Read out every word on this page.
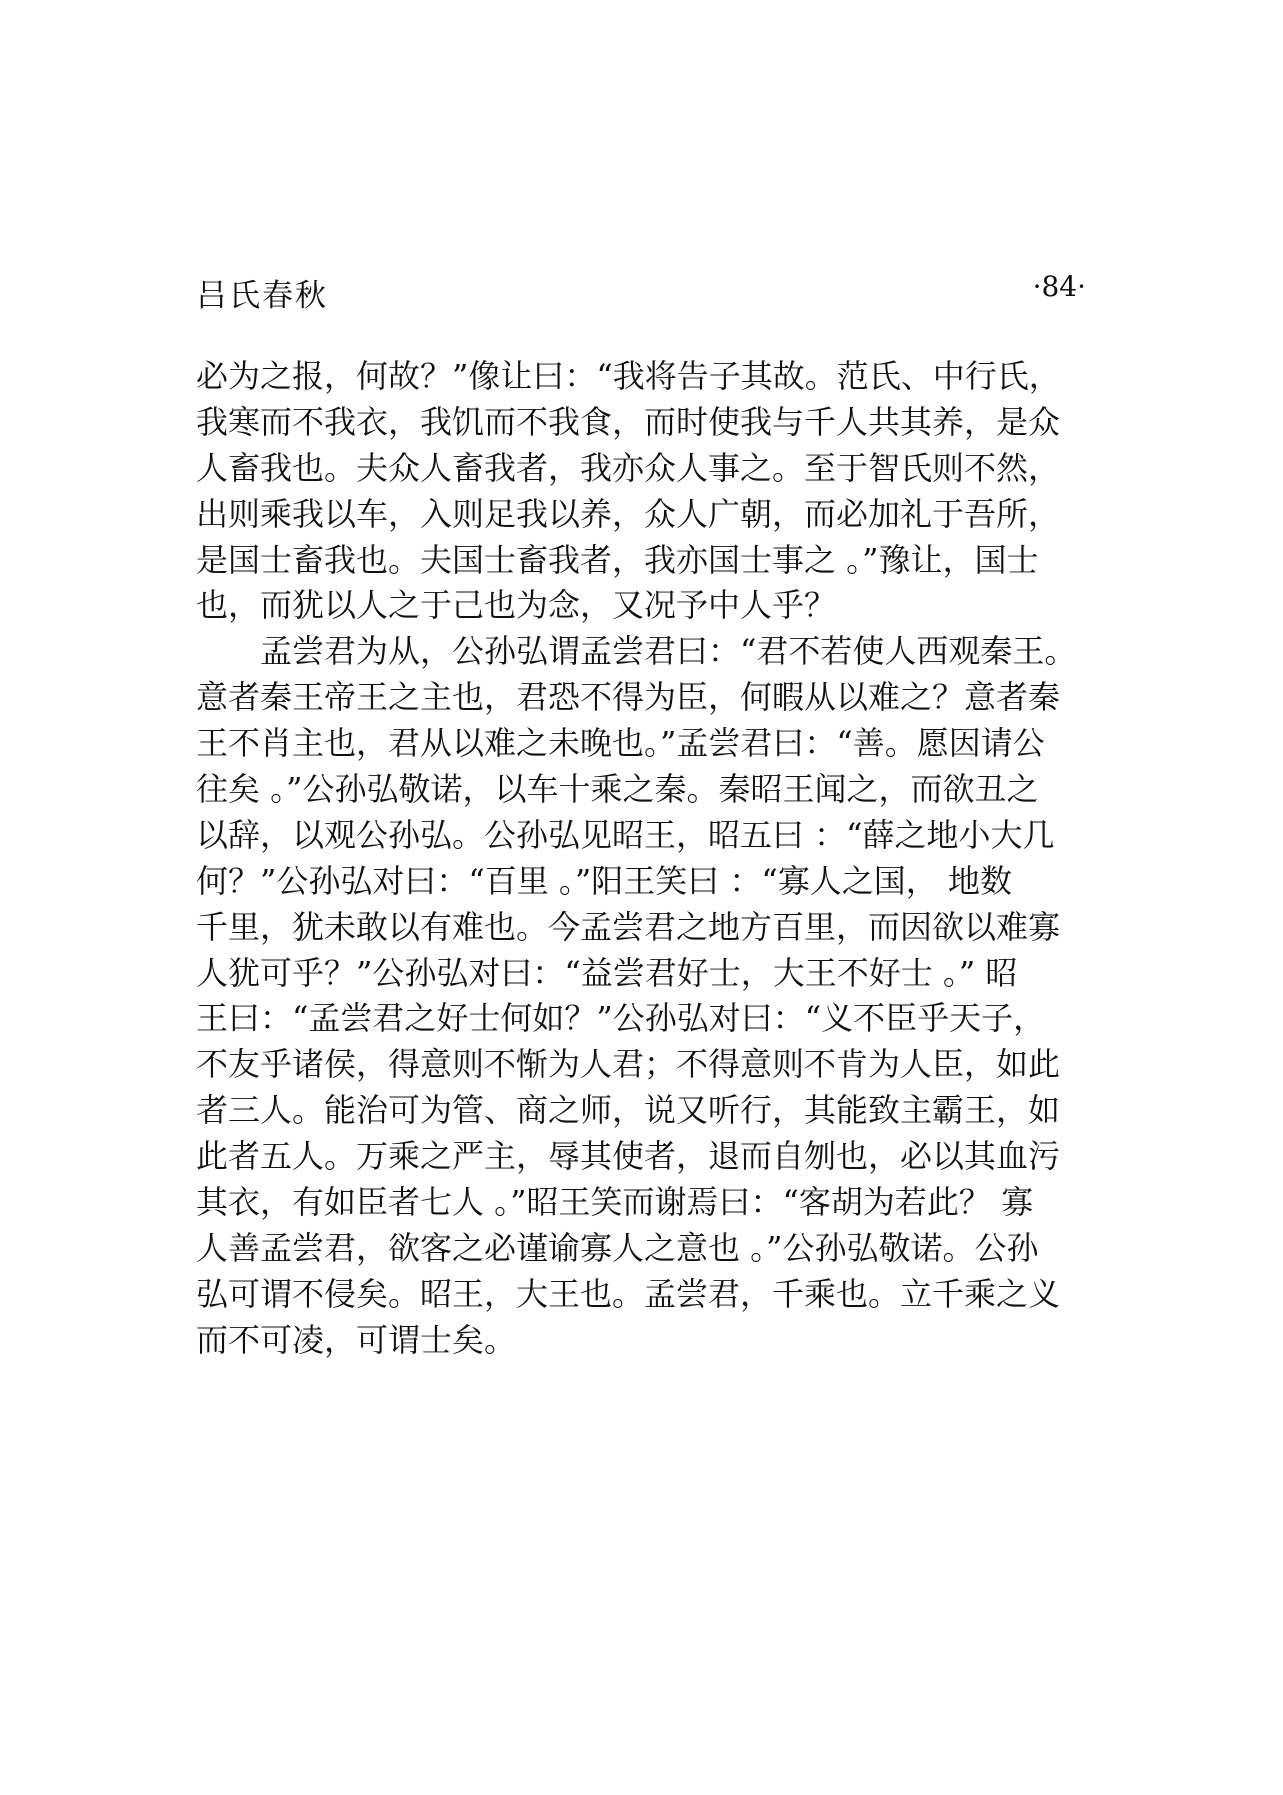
吕氏春秋	·84·
必为之报，何故？”像让曰：“我将告子其故。范氏、中行氏，
我寒而不我衣，我饥而不我食，而时使我与千人共其养，是众
人畜我也。夫众人畜我者，我亦众人事之。至于智氏则不然，
出则乘我以车，入则足我以养，众人广朝，而必加礼于吾所，
是国士畜我也。夫国士畜我者，我亦国士事之 。”豫让，国士
也，而犹以人之于己也为念，又况予中人乎？
　　孟尝君为从，公孙弘谓孟尝君曰：“君不若使人西观秦王。
意者秦王帝王之主也，君恐不得为臣，何暇从以难之？意者秦
王不肖主也，君从以难之未晚也。”孟尝君曰：“善。愿因请公
往矣 。”公孙弘敬诺，以车十乘之秦。秦昭王闻之，而欲丑之
以辞，以观公孙弘。公孙弘见昭王，昭五曰 ：“薛之地小大几
何？”公孙弘对曰：“百里 。”阳王笑曰 ：“寡人之国， 地数
千里，犹未敢以有难也。今孟尝君之地方百里，而因欲以难寡
人犹可乎？”公孙弘对曰：“益尝君好士，大王不好士 。” 昭
王曰：“孟尝君之好士何如？”公孙弘对曰：“义不臣乎天子，
不友乎诸侯，得意则不惭为人君；不得意则不肯为人臣，如此
者三人。能治可为管、商之师，说又听行，其能致主霸王，如
此者五人。万乘之严主，辱其使者，退而自刎也，必以其血污
其衣，有如臣者七人 。”昭王笑而谢焉曰：“客胡为若此？ 寡
人善孟尝君，欲客之必谨谕寡人之意也 。”公孙弘敬诺。公孙
弘可谓不侵矣。昭王，大王也。孟尝君，千乘也。立千乘之义
而不可凌，可谓士矣。
